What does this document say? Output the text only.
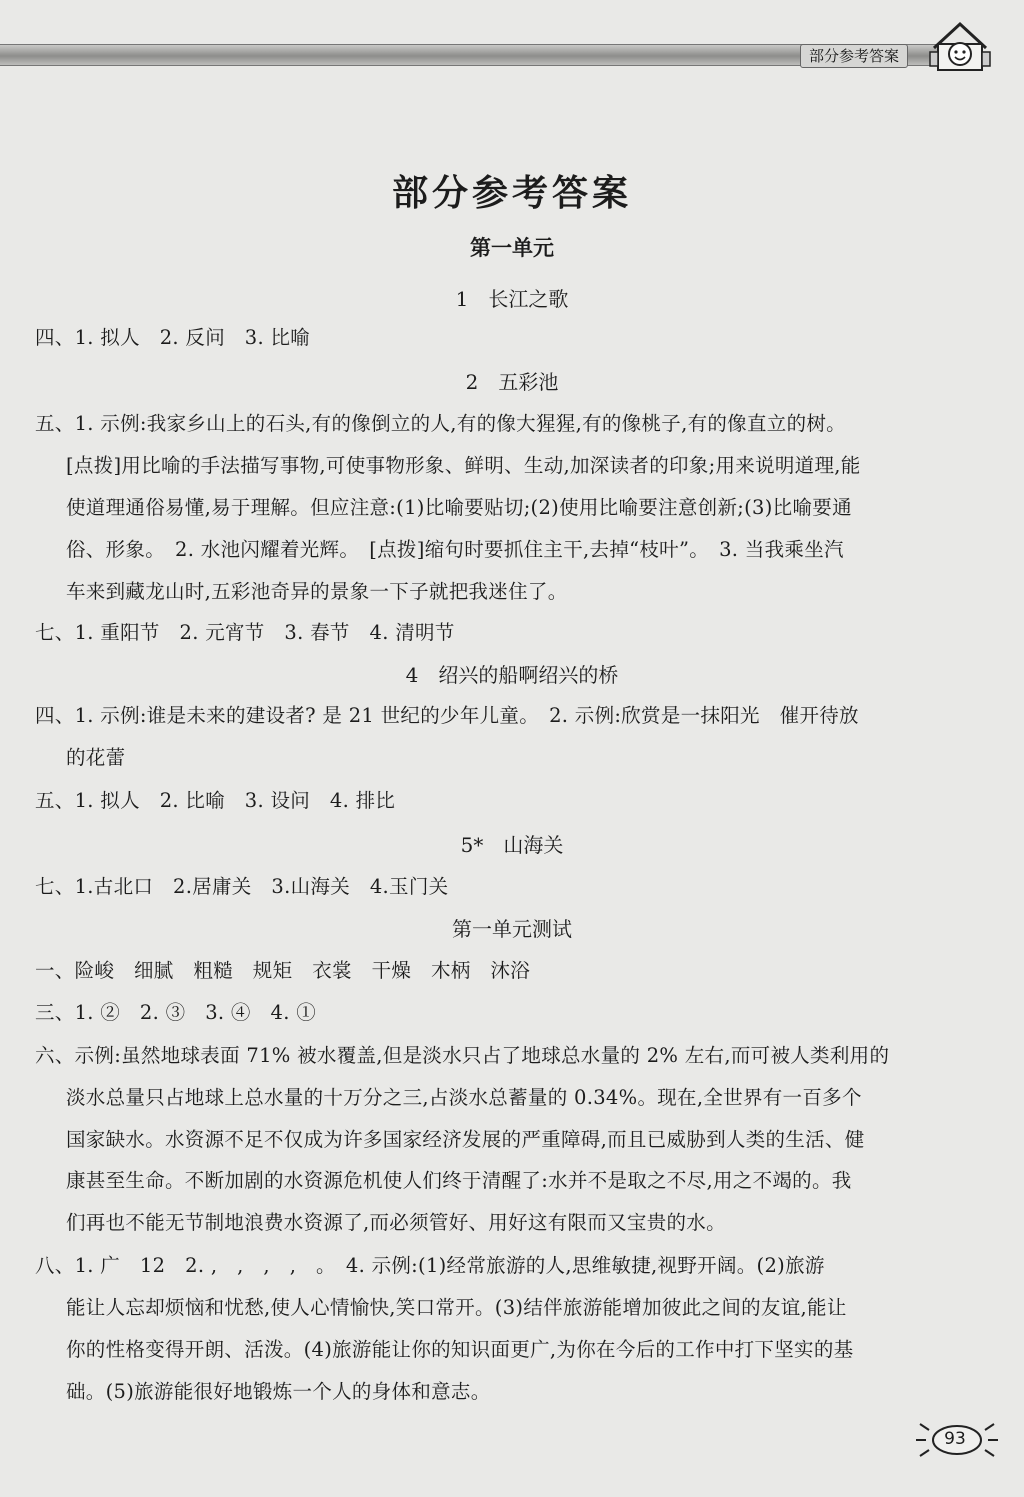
部分参考答案
部分参考答案
第一单元
1　长江之歌
四、1. 拟人　2. 反问　3. 比喻
2　五彩池
五、1. 示例:我家乡山上的石头,有的像倒立的人,有的像大猩猩,有的像桃子,有的像直立的树。
[点拨]用比喻的手法描写事物,可使事物形象、鲜明、生动,加深读者的印象;用来说明道理,能
使道理通俗易懂,易于理解。但应注意:(1)比喻要贴切;(2)使用比喻要注意创新;(3)比喻要通
俗、形象。　2. 水池闪耀着光辉。　[点拨]缩句时要抓住主干,去掉“枝叶”。　3. 当我乘坐汽
车来到藏龙山时,五彩池奇异的景象一下子就把我迷住了。
七、1. 重阳节　2. 元宵节　3. 春节　4. 清明节
4　绍兴的船啊绍兴的桥
四、1. 示例:谁是未来的建设者? 是 21 世纪的少年儿童。　2. 示例:欣赏是一抹阳光　催开待放
的花蕾
五、1. 拟人　2. 比喻　3. 设问　4. 排比
5*　山海关
七、1.古北口　2.居庸关　3.山海关　4.玉门关
第一单元测试
一、险峻　细腻　粗糙　规矩　衣裳　干燥　木柄　沐浴
三、1. ②　2. ③　3. ④　4. ①
六、示例:虽然地球表面 71% 被水覆盖,但是淡水只占了地球总水量的 2% 左右,而可被人类利用的
淡水总量只占地球上总水量的十万分之三,占淡水总蓄量的 0.34%。现在,全世界有一百多个
国家缺水。水资源不足不仅成为许多国家经济发展的严重障碍,而且已威胁到人类的生活、健
康甚至生命。不断加剧的水资源危机使人们终于清醒了:水并不是取之不尽,用之不竭的。我
们再也不能无节制地浪费水资源了,而必须管好、用好这有限而又宝贵的水。
八、1. 广　12　2. ,　,　,　,　。　4. 示例:(1)经常旅游的人,思维敏捷,视野开阔。(2)旅游
能让人忘却烦恼和忧愁,使人心情愉快,笑口常开。(3)结伴旅游能增加彼此之间的友谊,能让
你的性格变得开朗、活泼。(4)旅游能让你的知识面更广,为你在今后的工作中打下坚实的基
础。(5)旅游能很好地锻炼一个人的身体和意志。
93
